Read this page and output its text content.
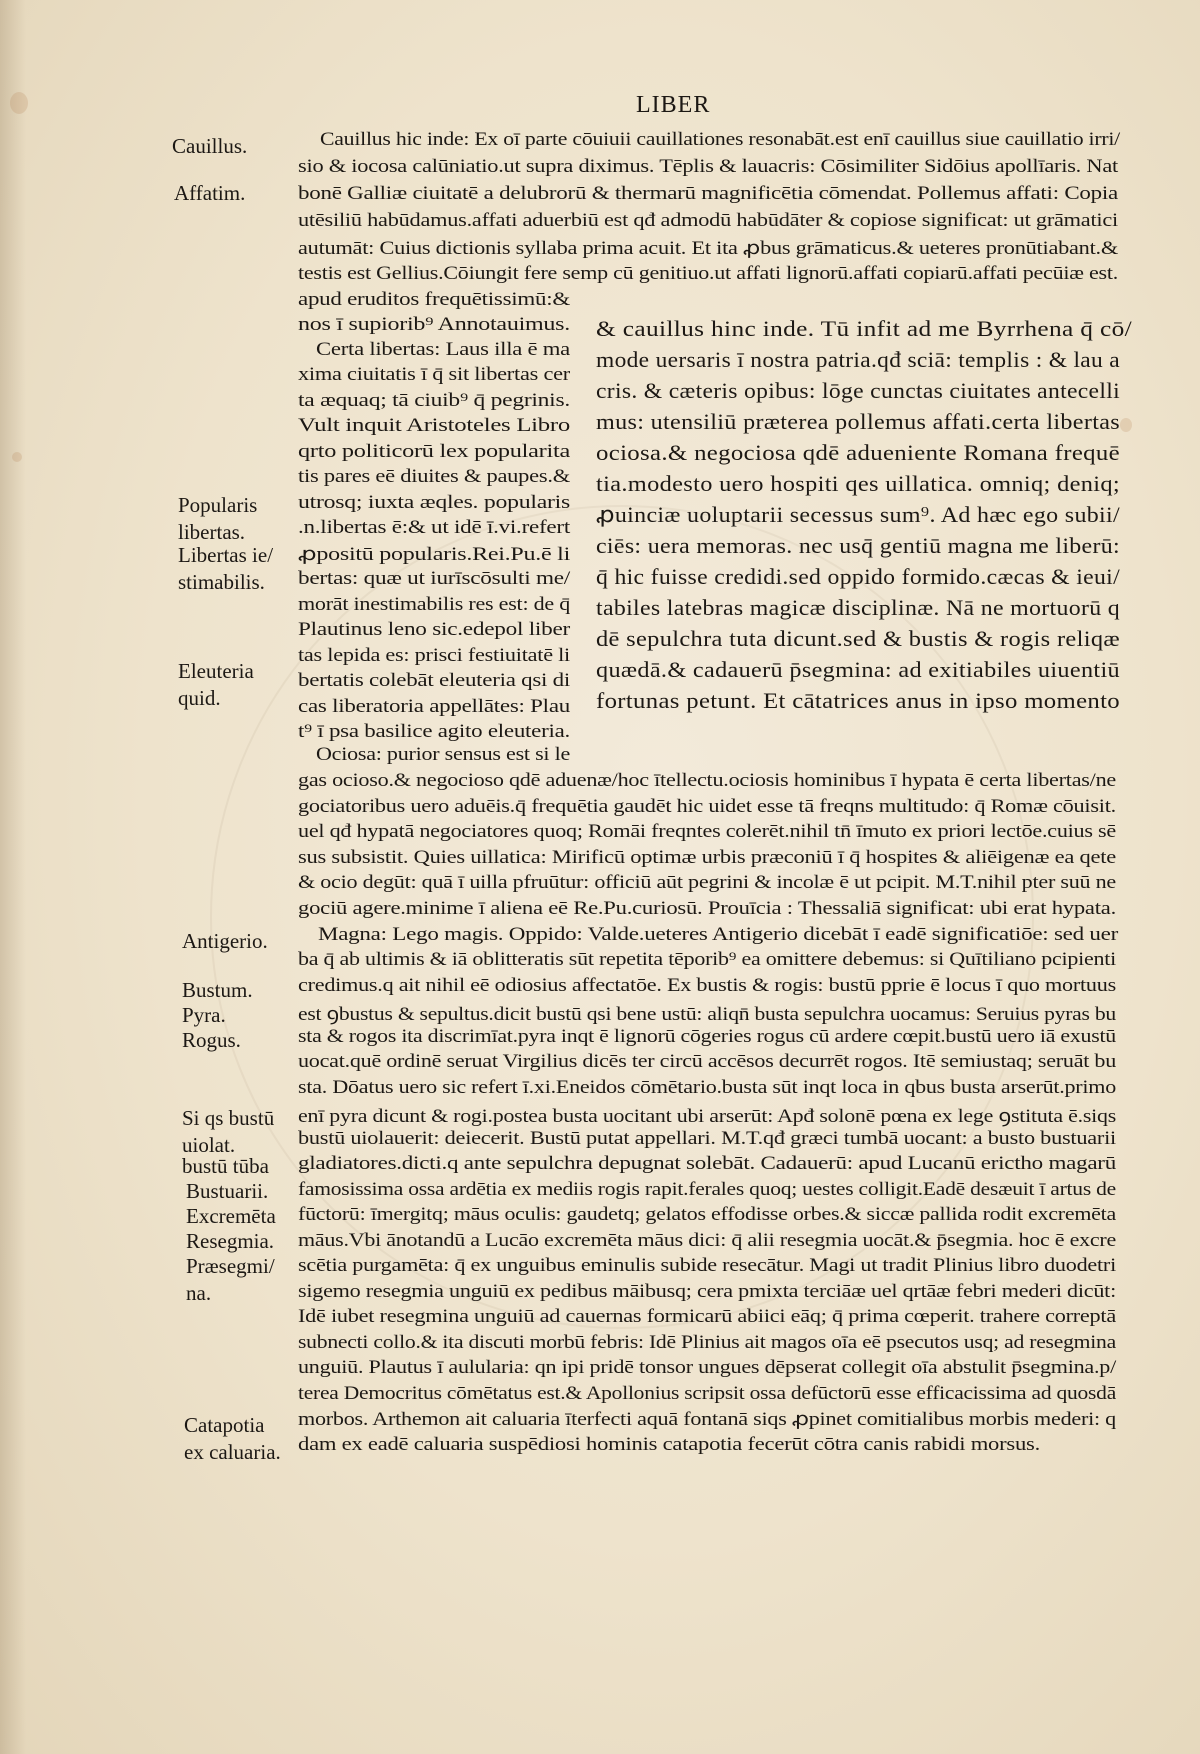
LIBER
Cauillus.
Affatim.
Popularis
libertas.
Libertas ie/
stimabilis.
Eleuteria
quid.
Antigerio.
Bustum.
Pyra.
Rogus.
Si qs bustū
uiolat.
bustū tūba
Bustuarii.
Excremēta
Resegmia.
Præsegmi/
na.
Catapotia
ex caluaria.
Cauillus hic inde: Ex oī parte cōuiuii cauillationes resonabāt.est enī cauillus siue cauillatio irri/
sio & iocosa calūniatio.ut supra diximus. Tēplis & lauacris: Cōsimiliter Sidōius apollīaris. Nat
bonē Galliæ ciuitatē a delubrorū & thermarū magnificētia cōmendat. Pollemus affati: Copia
utēsiliū habūdamus.affati aduerbiū est qđ admodū habūdāter & copiose significat: ut grāmatici
autumāt: Cuius dictionis syllaba prima acuit. Et ita ꝓbus grāmaticus.& ueteres pronūtiabant.&
testis est Gellius.Cōiungit fere semp cū genitiuo.ut affati lignorū.affati copiarū.affati pecūiæ est.
apud eruditos frequētissimū:&
nos ī supiorib⁹ Annotauimus.
Certa libertas: Laus illa ē ma
xima ciuitatis ī q̄ sit libertas cer
ta æquaq; tā ciuib⁹ q̄ pegrinis.
Vult inquit Aristoteles Libro
qrto politicorū lex popularita
tis pares eē diuites & paupes.&
utrosq; iuxta æqles. popularis
.n.libertas ē:& ut idē ī.vi.refert
ꝓpositū popularis.Rei.Pu.ē li
bertas: quæ ut iurīscōsulti me/
morāt inestimabilis res est: de q̄
Plautinus leno sic.edepol liber
tas lepida es: prisci festiuitatē li
bertatis colebāt eleuteria qsi di
cas liberatoria appellātes: Plau
t⁹ ī psa basilice agito eleuteria.
& cauillus hinc inde. Tū infit ad me Byrrhena q̄ cō/
mode uersaris ī nostra patria.qđ sciā: templis : & lau a
cris. & cæteris opibus: lōge cunctas ciuitates antecelli
mus: utensiliū præterea pollemus affati.certa libertas
ociosa.& negociosa qdē adueniente Romana frequē
tia.modesto uero hospiti qes uillatica. omniq; deniq;
ꝓuinciæ uoluptarii secessus sum⁹. Ad hæc ego subii/
ciēs: uera memoras. nec usq̄ gentiū magna me liberū:
q̄ hic fuisse credidi.sed oppido formido.cæcas & ieui/
tabiles latebras magicæ disciplinæ. Nā ne mortuorū q
dē sepulchra tuta dicunt.sed & bustis & rogis reliqæ
quædā.& cadauerū p̄segmina: ad exitiabiles uiuentiū
fortunas petunt. Et cātatrices anus in ipso momento
Ociosa: purior sensus est si le
gas ocioso.& negocioso qdē aduenæ/hoc ītellectu.ociosis hominibus ī hypata ē certa libertas/ne
gociatoribus uero aduēis.q̄ frequētia gaudēt hic uidet esse tā freqns multitudo: q̄ Romæ cōuisit.
uel qđ hypatā negociatores quoq; Romāi freqntes colerēt.nihil tn̄ īmuto ex priori lectōe.cuius sē
sus subsistit. Quies uillatica: Mirificū optimæ urbis præconiū ī q̄ hospites & aliēigenæ ea qete
& ocio degūt: quā ī uilla pfruūtur: officiū aūt pegrini & incolæ ē ut pcipit. M.T.nihil pter suū ne
gociū agere.minime ī aliena eē Re.Pu.curiosū. Prouīcia : Thessaliā significat: ubi erat hypata.
Magna: Lego magis. Oppido: Valde.ueteres Antigerio dicebāt ī eadē significatiōe: sed uer
ba q̄ ab ultimis & iā oblitteratis sūt repetita tēporib⁹ ea omittere debemus: si Quītiliano pcipienti
credimus.q ait nihil eē odiosius affectatōe. Ex bustis & rogis: bustū pprie ē locus ī quo mortuus
est ꝯbustus & sepultus.dicit bustū qsi bene ustū: aliqn̄ busta sepulchra uocamus: Seruius pyras bu
sta & rogos ita discrimīat.pyra inqt ē lignorū cōgeries rogus cū ardere cœpit.bustū uero iā exustū
uocat.quē ordinē seruat Virgilius dicēs ter circū accēsos decurrēt rogos. Itē semiustaq; seruāt bu
sta. Dōatus uero sic refert ī.xi.Eneidos cōmētario.busta sūt inqt loca in qbus busta arserūt.primo
enī pyra dicunt & rogi.postea busta uocitant ubi arserūt: Apđ solonē pœna ex lege ꝯstituta ē.siqs
bustū uiolauerit: deiecerit. Bustū putat appellari. M.T.qđ græci tumbā uocant: a busto bustuarii
gladiatores.dicti.q ante sepulchra depugnat solebāt. Cadauerū: apud Lucanū erictho magarū
famosissima ossa ardētia ex mediis rogis rapit.ferales quoq; uestes colligit.Eadē desæuit ī artus de
fūctorū: īmergitq; māus oculis: gaudetq; gelatos effodisse orbes.& siccæ pallida rodit excremēta
māus.Vbi ānotandū a Lucāo excremēta māus dici: q̄ alii resegmia uocāt.& p̄segmia. hoc ē excre
scētia purgamēta: q̄ ex unguibus eminulis subide resecātur. Magi ut tradit Plinius libro duodetri
sigemo resegmia unguiū ex pedibus māibusq; cera pmixta terciāæ uel qrtāæ febri mederi dicūt:
Idē iubet resegmina unguiū ad cauernas formicarū abiici eāq; q̄ prima cœperit. trahere correptā
subnecti collo.& ita discuti morbū febris: Idē Plinius ait magos oīa eē psecutos usq; ad resegmina
unguiū. Plautus ī aulularia: qn ipi pridē tonsor ungues dēpserat collegit oīa abstulit p̄segmina.p/
terea Democritus cōmētatus est.& Apollonius scripsit ossa defūctorū esse efficacissima ad quosdā
morbos. Arthemon ait caluaria īterfecti aquā fontanā siqs ꝓpinet comitialibus morbis mederi: q
dam ex eadē caluaria suspēdiosi hominis catapotia fecerūt cōtra canis rabidi morsus.
